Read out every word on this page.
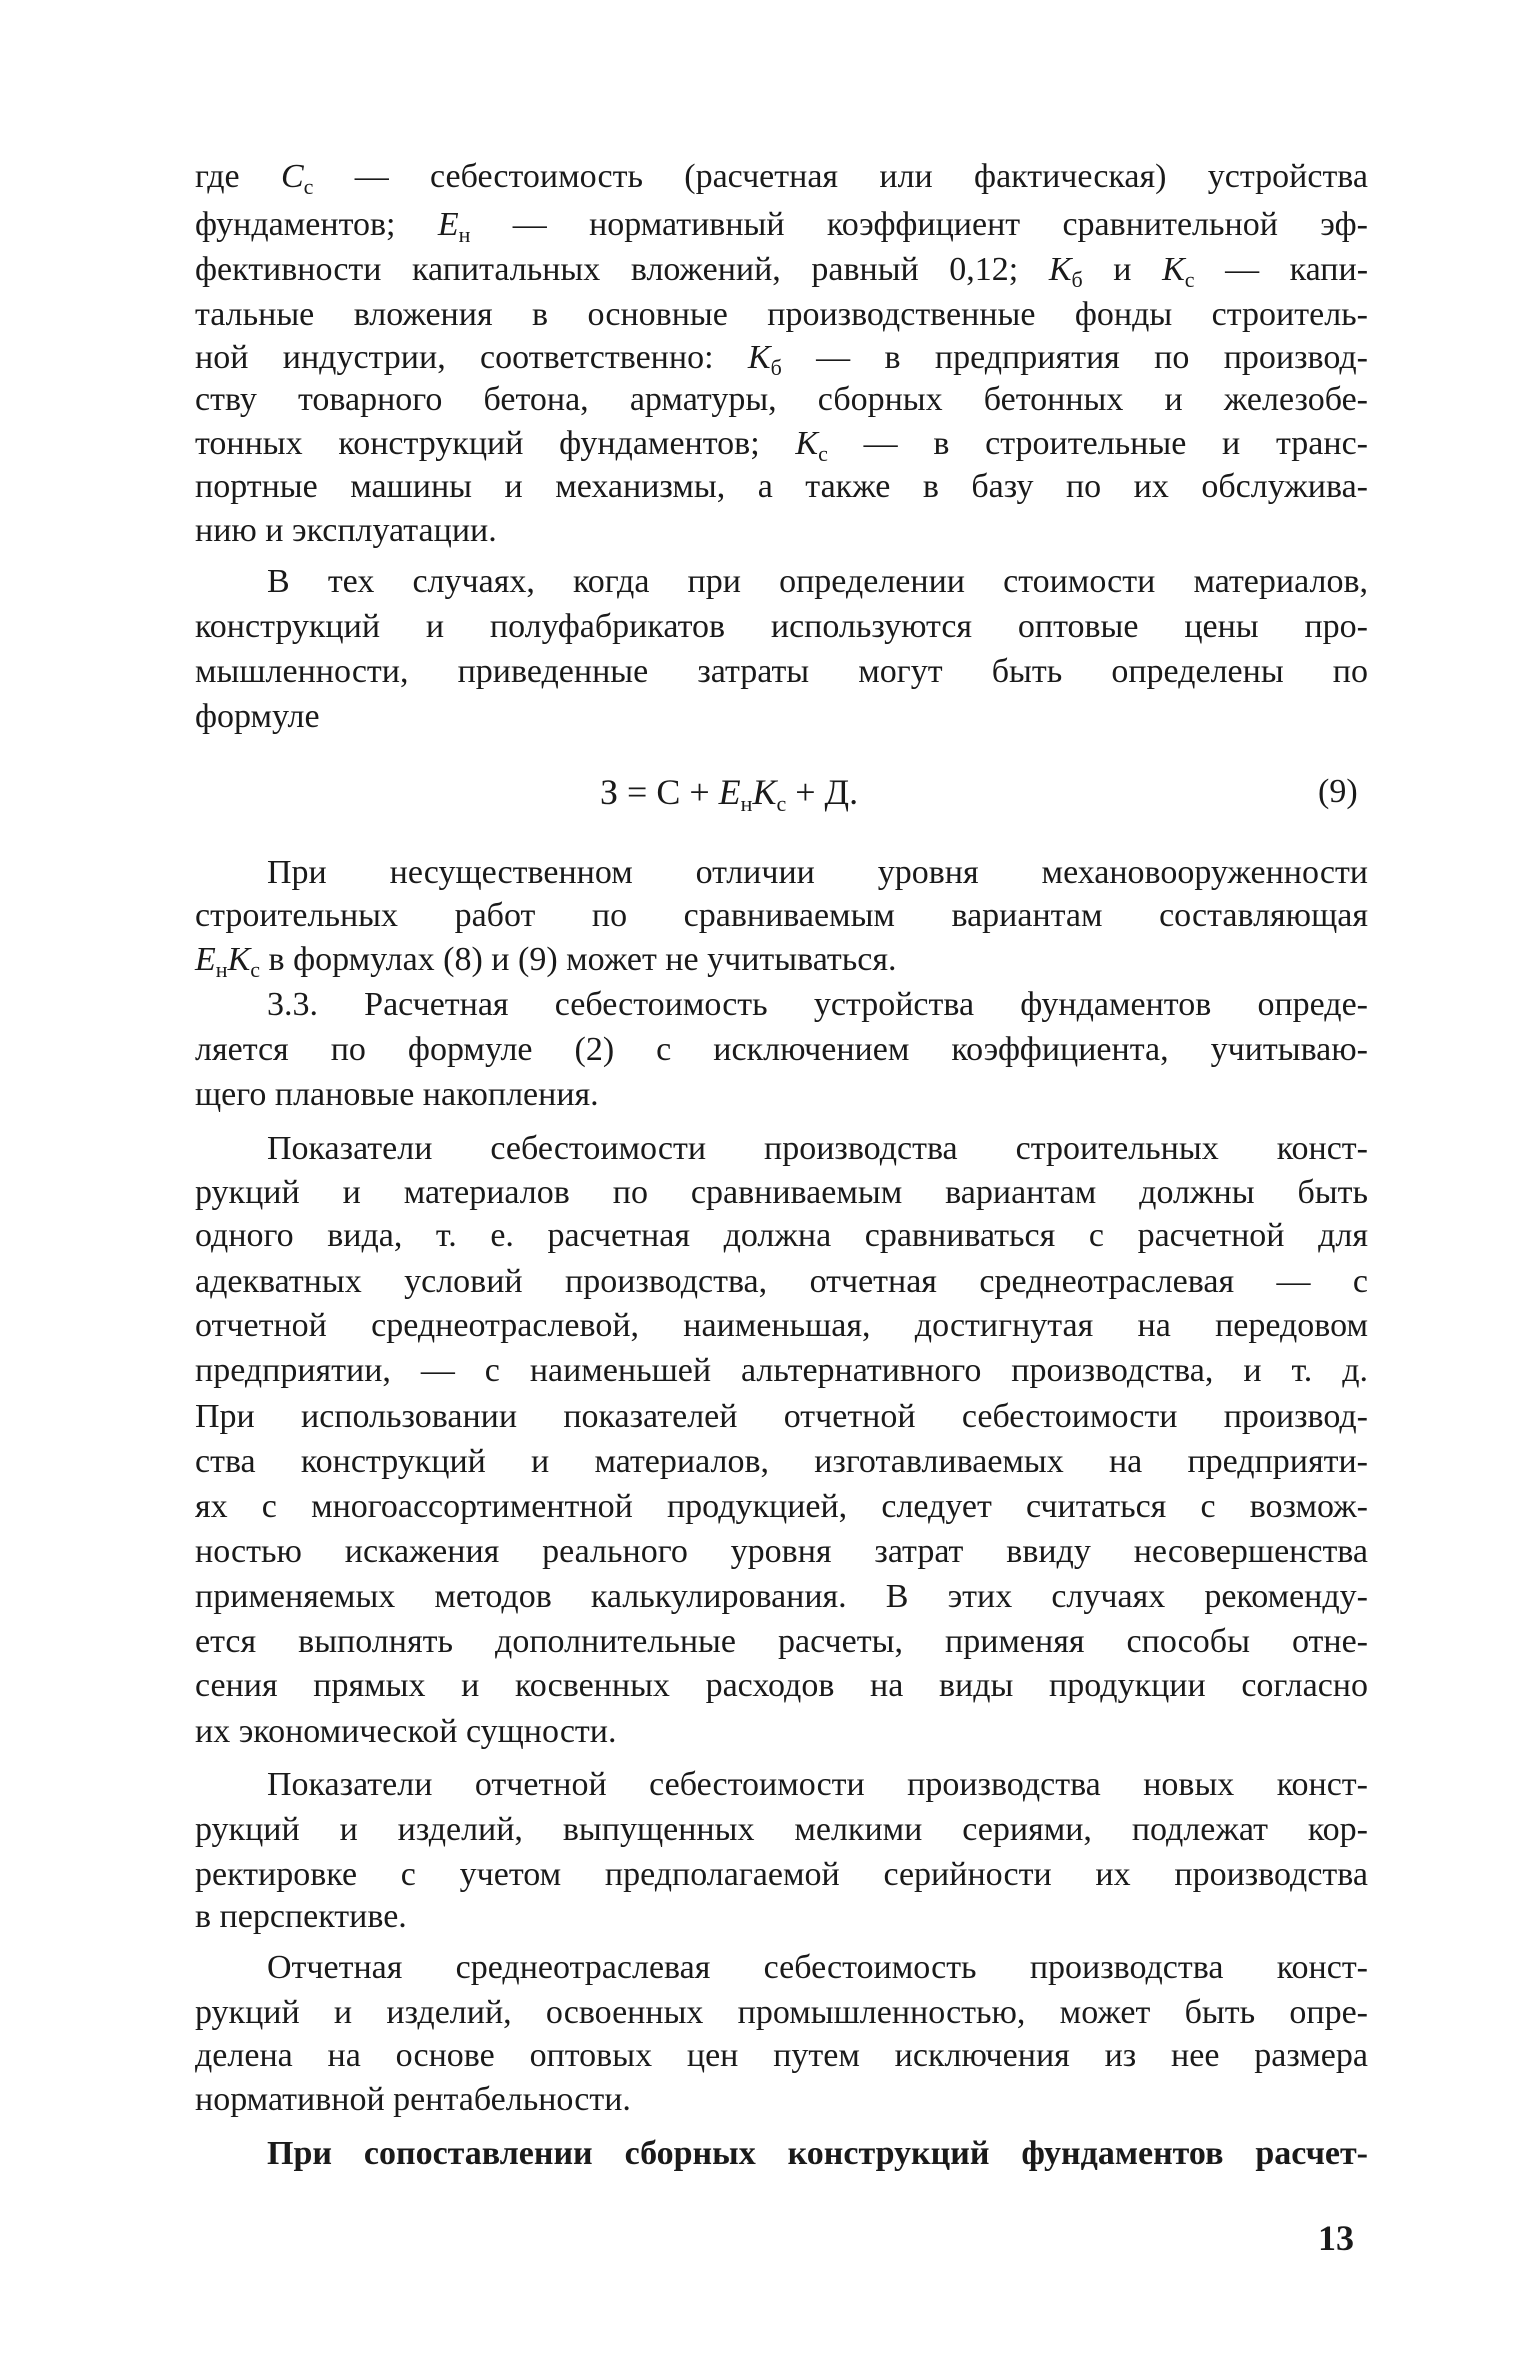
$З = C + E_нK_с + Д$.	(9)
13
где $C_с$ — себестоимость (расчетная или фактическая) устройства
фундаментов; $E_н$ — нормативный коэффициент сравнительной эф-
фективности капитальных вложений, равный 0,12; $K_б$ и $K_с$ — капи-
тальные вложения в основные производственные фонды строитель-
ной индустрии, соответственно: $K_б$ — в предприятия по производ-
ству товарного бетона, арматуры, сборных бетонных и железобе-
тонных конструкций фундаментов; $K_с$ — в строительные и транс-
портные машины и механизмы, а также в базу по их обслужива-
нию и эксплуатации.
В тех случаях, когда при определении стоимости материалов,
конструкций и полуфабрикатов используются оптовые цены про-
мышленности, приведенные затраты могут быть определены по
формуле
При несущественном отличии уровня механовооруженности
строительных работ по сравниваемым вариантам составляющая
$E_нK_с$ в формулах (8) и (9) может не учитываться.
3.3. Расчетная себестоимость устройства фундаментов опреде-
ляется по формуле (2) с исключением коэффициента, учитываю-
щего плановые накопления.
Показатели себестоимости производства строительных конст-
рукций и материалов по сравниваемым вариантам должны быть
одного вида, т. е. расчетная должна сравниваться с расчетной для
адекватных условий производства, отчетная среднеотраслевая — с
отчетной среднеотраслевой, наименьшая, достигнутая на передовом
предприятии, — с наименьшей альтернативного производства, и т. д.
При использовании показателей отчетной себестоимости производ-
ства конструкций и материалов, изготавливаемых на предприяти-
ях с многоассортиментной продукцией, следует считаться с возмож-
ностью искажения реального уровня затрат ввиду несовершенства
применяемых методов калькулирования. В этих случаях рекоменду-
ется выполнять дополнительные расчеты, применяя способы отне-
сения прямых и косвенных расходов на виды продукции согласно
их экономической сущности.
Показатели отчетной себестоимости производства новых конст-
рукций и изделий, выпущенных мелкими сериями, подлежат кор-
ректировке с учетом предполагаемой серийности их производства
в перспективе.
Отчетная среднеотраслевая себестоимость производства конст-
рукций и изделий, освоенных промышленностью, может быть опре-
делена на основе оптовых цен путем исключения из нее размера
нормативной рентабельности.
При сопоставлении сборных конструкций фундаментов расчет-
